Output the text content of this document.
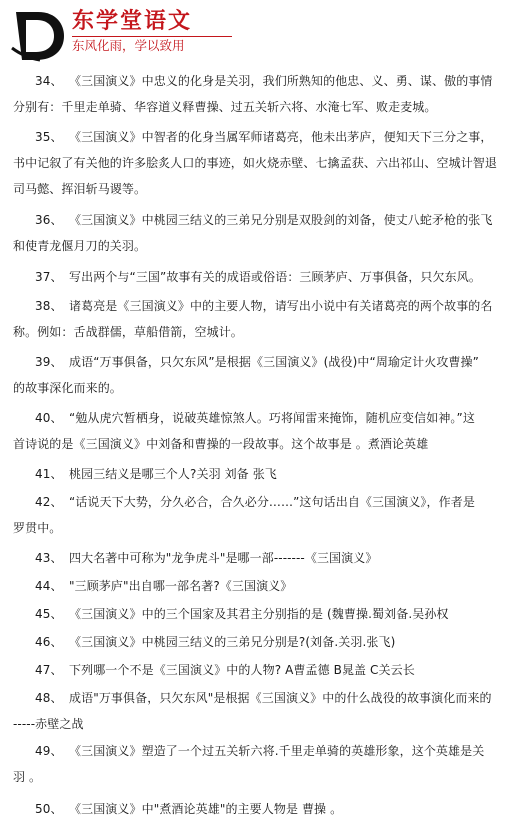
东学堂语文
东风化雨，学以致用
34、 《三国演义》中忠义的化身是关羽，我们所熟知的他忠、义、勇、谋、傲的事情
分别有：千里走单骑、华容道义释曹操、过五关斩六将、水淹七军、败走麦城。
35、 《三国演义》中智者的化身当属军师诸葛亮，他未出茅庐，便知天下三分之事，
书中记叙了有关他的许多脍炙人口的事迹，如火烧赤壁、七擒孟获、六出祁山、空城计智退
司马懿、挥泪斩马谡等。
36、 《三国演义》中桃园三结义的三弟兄分别是双股剑的刘备，使丈八蛇矛枪的张飞
和使青龙偃月刀的关羽。
37、 写出两个与“三国”故事有关的成语或俗语：三顾茅庐、万事俱备，只欠东风。
38、 诸葛亮是《三国演义》中的主要人物，请写出小说中有关诸葛亮的两个故事的名
称。例如：舌战群儒，草船借箭，空城计。
39、 成语“万事俱备，只欠东风”是根据《三国演义》(战役)中“周瑜定计火攻曹操”
的故事深化而来的。
40、 “勉从虎穴暂栖身，说破英雄惊煞人。巧将闻雷来掩饰，随机应变信如神。”这
首诗说的是《三国演义》中刘备和曹操的一段故事。这个故事是 。煮酒论英雄
41、 桃园三结义是哪三个人?关羽 刘备 张飞
42、 “话说天下大势，分久必合，合久必分……”这句话出自《三国演义》，作者是
罗贯中。
43、 四大名著中可称为"龙争虎斗"是哪一部-------《三国演义》
44、 "三顾茅庐"出自哪一部名著?《三国演义》
45、 《三国演义》中的三个国家及其君主分别指的是 (魏曹操.蜀刘备.吴孙权
46、 《三国演义》中桃园三结义的三弟兄分别是?(刘备.关羽.张飞)
47、 下列哪一个不是《三国演义》中的人物? A曹孟德 B晁盖 C关云长
48、 成语"万事俱备，只欠东风"是根据《三国演义》中的什么战役的故事演化而来的
-----赤壁之战
49、 《三国演义》塑造了一个过五关斩六将.千里走单骑的英雄形象，这个英雄是关
羽 。
50、 《三国演义》中"煮酒论英雄"的主要人物是 曹操 。
